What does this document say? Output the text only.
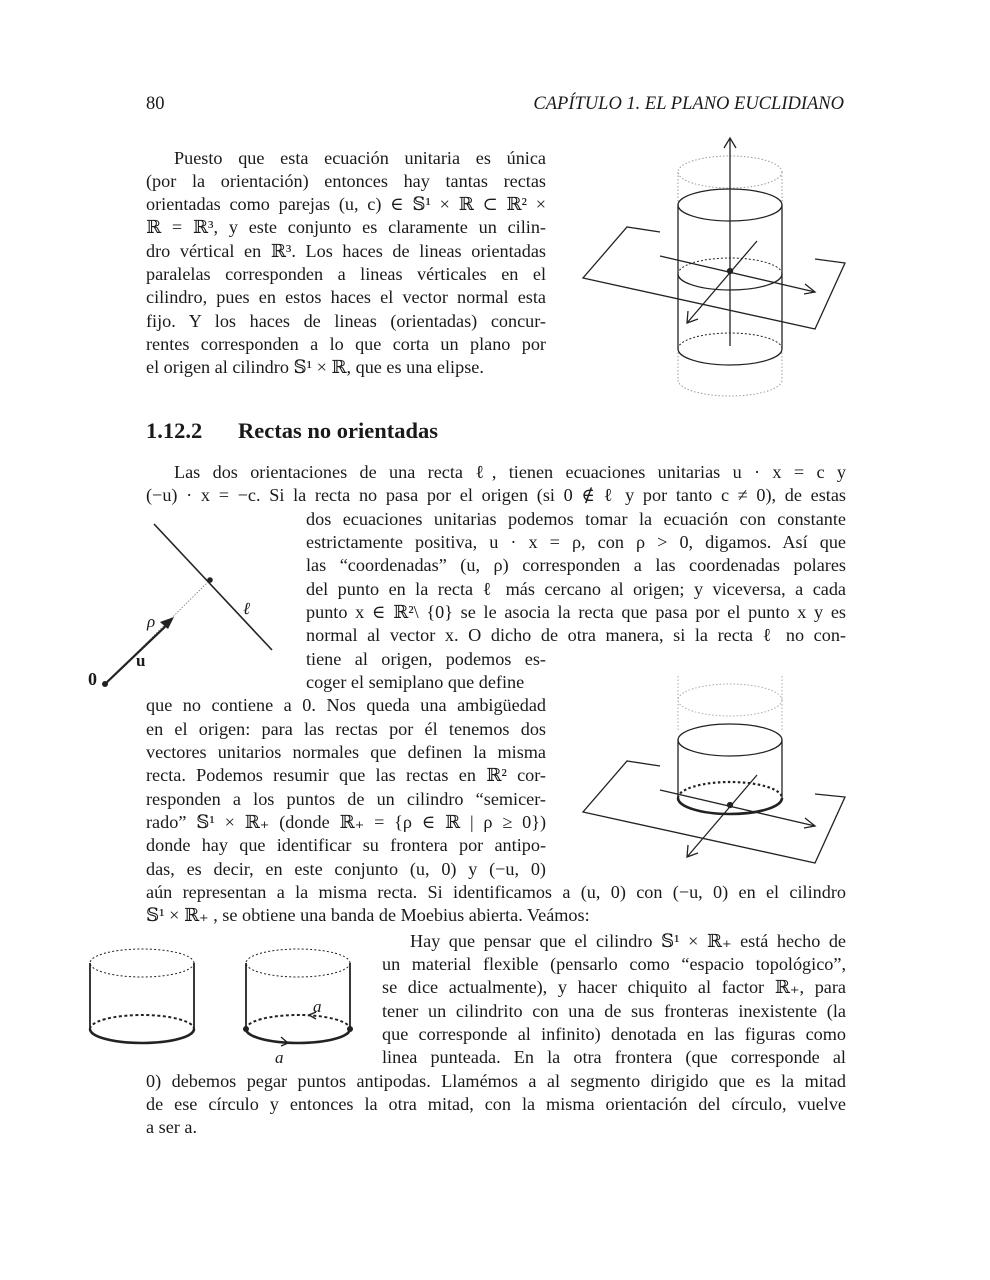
80	CAPÍTULO 1. EL PLANO EUCLIDIANO
Puesto que esta ecuación unitaria es única
(por la orientación) entonces hay tantas rectas
orientadas como parejas (u, c) ∈ 𝕊¹ × ℝ ⊂ ℝ² ×
ℝ = ℝ³, y este conjunto es claramente un cilin-
dro vértical en ℝ³. Los haces de lineas orientadas
paralelas corresponden a lineas vérticales en el
cilindro, pues en estos haces el vector normal esta
fijo. Y los haces de lineas (orientadas) concur-
rentes corresponden a lo que corta un plano por
el origen al cilindro 𝕊¹ × ℝ, que es una elipse.
1.12.2 Rectas no orientadas
Las dos orientaciones de una recta ℓ, tienen ecuaciones unitarias u · x = c y
(−u) · x = −c. Si la recta no pasa por el origen (si 0 ∉ ℓ y por tanto c ≠ 0), de estas
dos ecuaciones unitarias podemos tomar la ecuación con constante
estrictamente positiva, u · x = ρ, con ρ > 0, digamos. Así que
las “coordenadas” (u, ρ) corresponden a las coordenadas polares
del punto en la recta ℓ más cercano al origen; y viceversa, a cada
punto x ∈ ℝ²\ {0} se le asocia la recta que pasa por el punto x y es
normal al vector x. O dicho de otra manera, si la recta ℓ no con-
tiene al origen, podemos es-
coger el semiplano que define
que no contiene a 0. Nos queda una ambigüedad
en el origen: para las rectas por él tenemos dos
vectores unitarios normales que definen la misma
recta. Podemos resumir que las rectas en ℝ² cor-
responden a los puntos de un cilindro “semicer-
rado” 𝕊¹ × ℝ₊ (donde ℝ₊ = {ρ ∈ ℝ | ρ ≥ 0})
donde hay que identificar su frontera por antipo-
das, es decir, en este conjunto (u, 0) y (−u, 0)
aún representan a la misma recta. Si identificamos a (u, 0) con (−u, 0) en el cilindro
𝕊¹ × ℝ₊ , se obtiene una banda de Moebius abierta. Veámos:
0
u
ρ
ℓ
Hay que pensar que el cilindro 𝕊¹ × ℝ₊ está hecho de
un material flexible (pensarlo como “espacio topológico”,
se dice actualmente), y hacer chiquito al factor ℝ₊, para
tener un cilindrito con una de sus fronteras inexistente (la
que corresponde al infinito) denotada en las figuras como
linea punteada. En la otra frontera (que corresponde al
0) debemos pegar puntos antipodas. Llamémos a al segmento dirigido que es la mitad
de ese círculo y entonces la otra mitad, con la misma orientación del círculo, vuelve
a ser a.
a
a
